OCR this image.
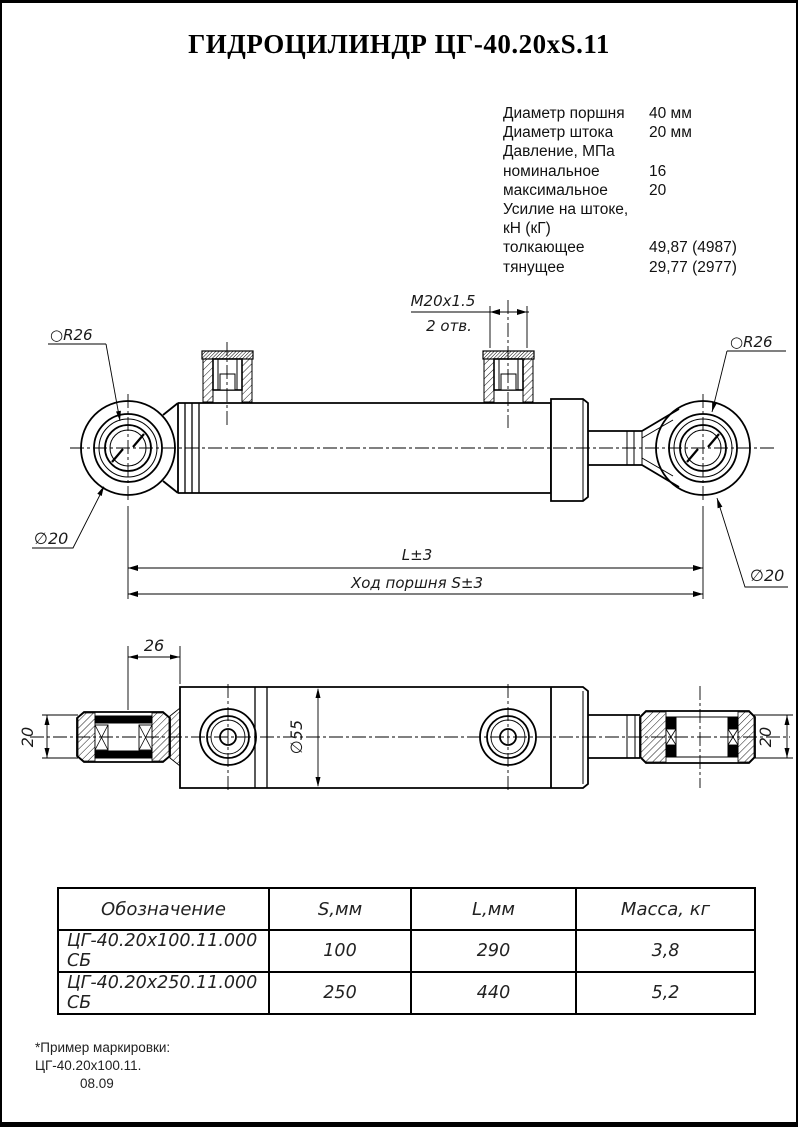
ГИДРОЦИЛИНДР ЦГ-40.20хS.11
Диаметр поршня	40 мм
Диаметр штока	20 мм
Давление, МПа
номинальное	16
максимальное	20
Усилие на штоке, кН (кГ)
толкающее	49,87 (4987)
тянущее	29,77 (2977)
М20х1.5
2 отв.
L±3
Ход поршня S±3
○R26	○R26
∅20
∅20
26
20	∅55	20
Обозначение	S,мм	L,мм	Масса, кг
ЦГ-40.20х100.11.000 СБ	100	290	3,8
ЦГ-40.20х250.11.000 СБ	250	440	5,2
*Пример маркировки:
ЦГ-40.20х100.11.
08.09
